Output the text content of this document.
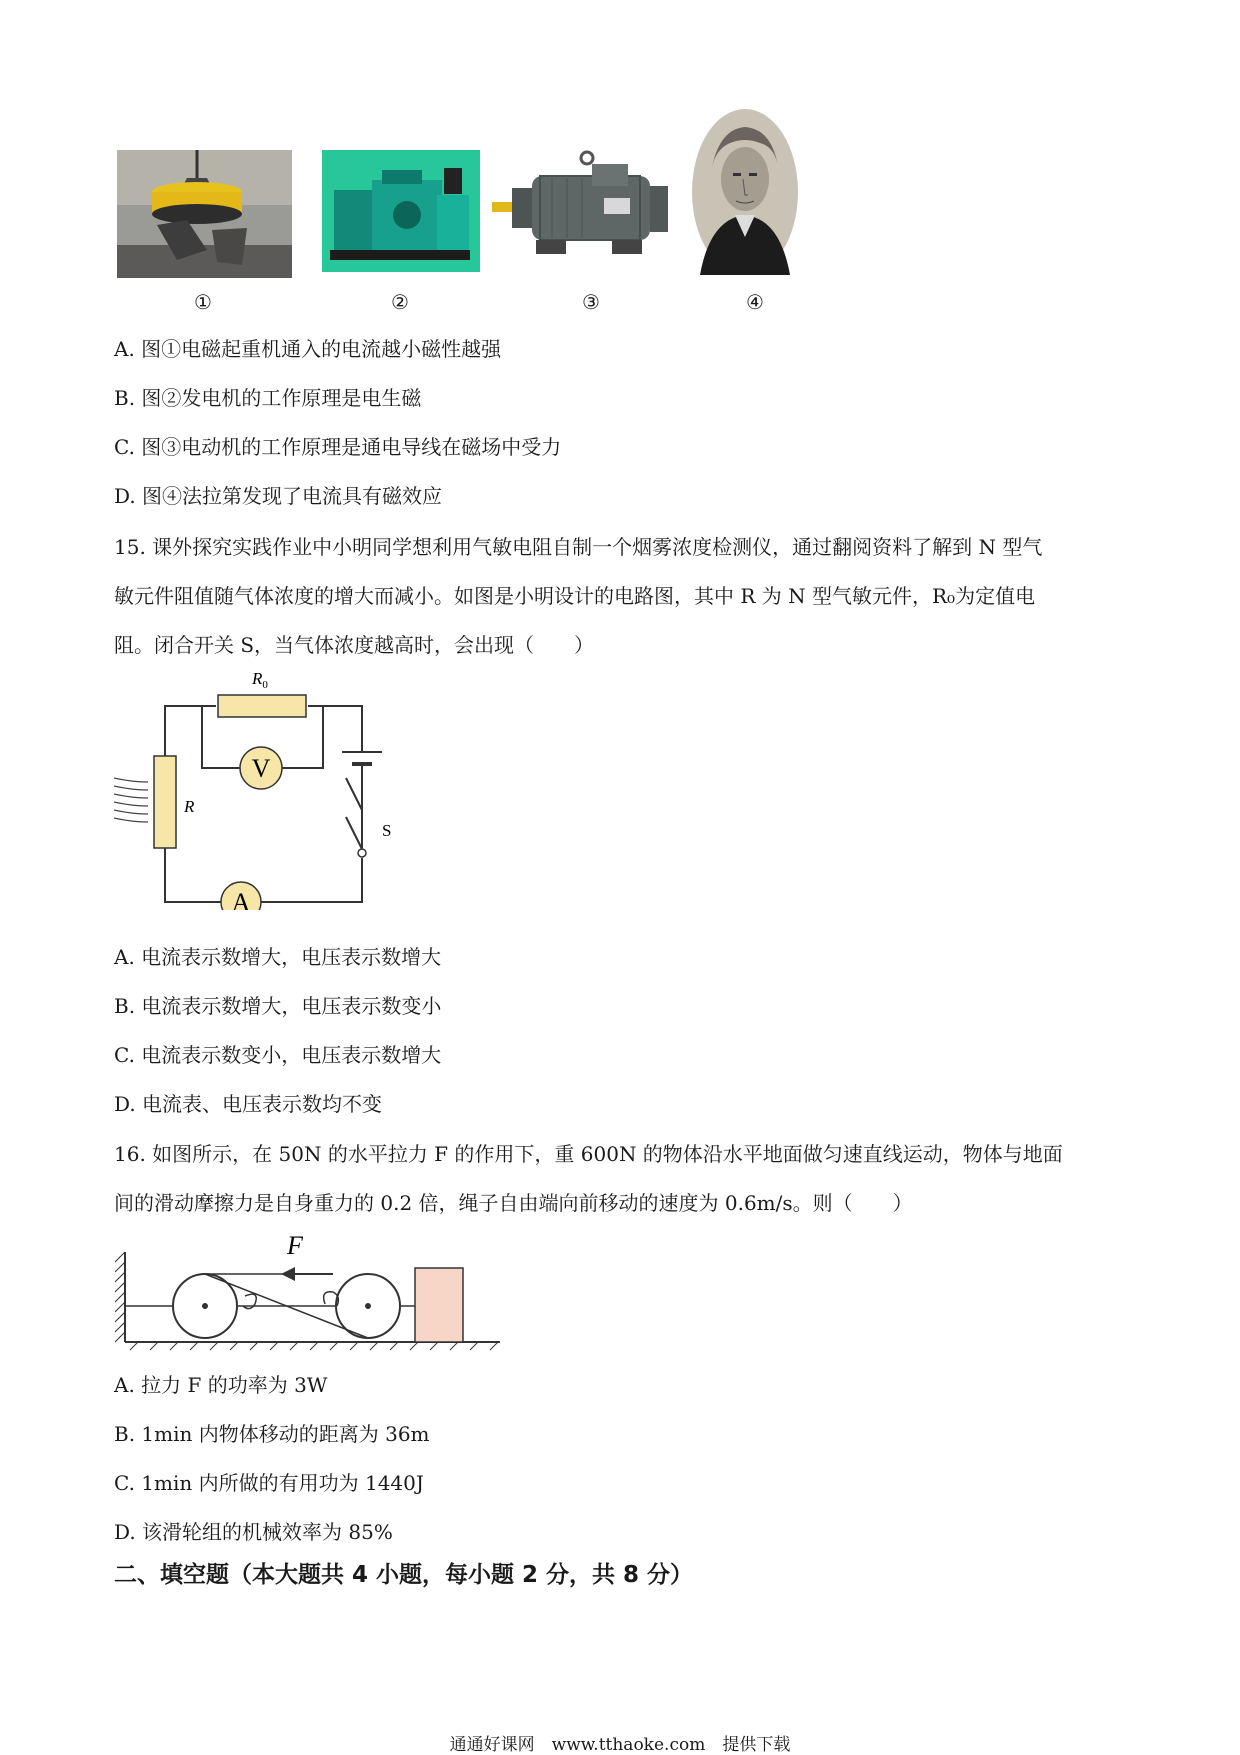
①	②	③	④
A. 图①电磁起重机通入的电流越小磁性越强
B. 图②发电机的工作原理是电生磁
C. 图③电动机的工作原理是通电导线在磁场中受力
D. 图④法拉第发现了电流具有磁效应
15. 课外探究实践作业中小明同学想利用气敏电阻自制一个烟雾浓度检测仪，通过翻阅资料了解到 N 型气
敏元件阻值随气体浓度的增大而减小。如图是小明设计的电路图，其中 R 为 N 型气敏元件，R₀为定值电
阻。闭合开关 S，当气体浓度越高时，会出现（　　）
$R_0$
V
S
R
A
A. 电流表示数增大，电压表示数增大
B. 电流表示数增大，电压表示数变小
C. 电流表示数变小，电压表示数增大
D. 电流表、电压表示数均不变
16. 如图所示，在 50N 的水平拉力 F 的作用下，重 600N 的物体沿水平地面做匀速直线运动，物体与地面
间的滑动摩擦力是自身重力的 0.2 倍，绳子自由端向前移动的速度为 0.6m/s。则（　　）
F
A. 拉力 F 的功率为 3W
B. 1min 内物体移动的距离为 36m
C. 1min 内所做的有用功为 1440J
D. 该滑轮组的机械效率为 85%
二、填空题（本大题共 4 小题，每小题 2 分，共 8 分）
通通好课网　www.tthaoke.com　提供下载
